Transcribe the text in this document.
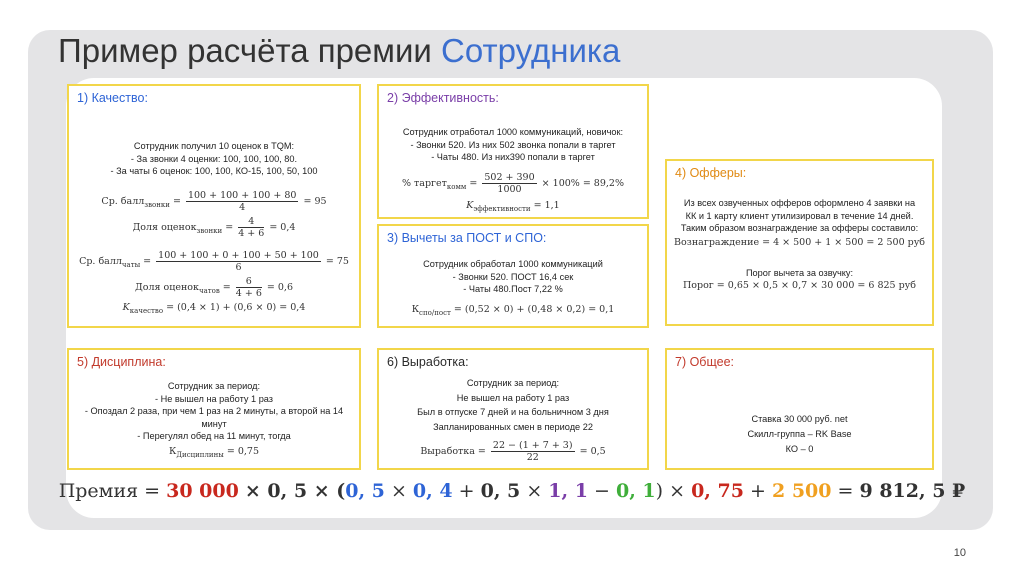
Пример расчёта премии Сотрудника
1) Качество:
Сотрудник получил 10 оценок в ТQM:
- За звонки 4 оценки: 100, 100, 100, 80.
- За чаты 6 оценок: 100, 100, КО-15, 100, 50, 100
Ср. балл$_{звонки}$ = $\frac{100 + 100 + 100 + 80}{4} = 95$
Доля оценок$_{звонки}$ = $\frac{4}{4 + 6} = 0,4$
Ср. балл$_{чаты}$ = $\frac{100 + 100 + 0 + 100 + 50 + 100}{6} = 75$
Доля оценок$_{чатов}$ = $\frac{6}{4 + 6} = 0,6$
$K_{качество} = (0,4 \times 1) + (0,6 \times 0) = 0,4$
2) Эффективность:
Сотрудник отработал 1000 коммуникаций, новичок:
- Звонки 520. Из них 502 звонка попали в таргет
- Чаты 480. Из них390 попали в таргет
% таргет$_{комм}$ = $\frac{502 + 390}{1000} \times 100\% = 89,2\%$
$K_{эффективности} = 1,1$
3) Вычеты за ПОСТ и СПО:
Сотрудник обработал 1000 коммуникаций
- Звонки 520. ПОСТ 16,4 сек
- Чаты 480.Пост 7,22 %
$К_{спо/пост} = (0,52 \times 0) + (0,48 \times 0,2) = 0,1$
4) Офферы:
Из всех озвученных офферов оформлено 4 заявки на
КК и 1 карту клиент утилизировал в течение 14 дней.
Таким образом вознаграждение за офферы составило:
Вознаграждение = 4 × 500 + 1 × 500 = 2 500 руб
Порог вычета за озвучку:
Порог = 0,65 × 0,5 × 0,7 × 30 000 = 6 825 руб
5) Дисциплина:
Сотрудник за период:
- Не вышел на работу 1 раз
- Опоздал 2 раза, при чем 1 раз на 2 минуты, а второй на 14
минут
- Перегулял обед на 11 минут, тогда
$К_{Дисциплины} = 0,75$
6) Выработка:
Сотрудник за период:
Не вышел на работу 1 раз
Был в отпуске 7 дней и на больничном 3 дня
Запланированных смен в периоде 22
Выработка = $\frac{22 - (1 + 7 + 3)}{22} = 0,5$
7) Общее:
Ставка 30 000 руб. net
Скилл-группа – RK Base
КО – 0
Премия = 30 000 × 0, 5 × (0, 5 × 0, 4 + 0, 5 × 1, 1 − 0, 1) × 0, 75 + 2 500 = 9 812, 5 ₽
10
